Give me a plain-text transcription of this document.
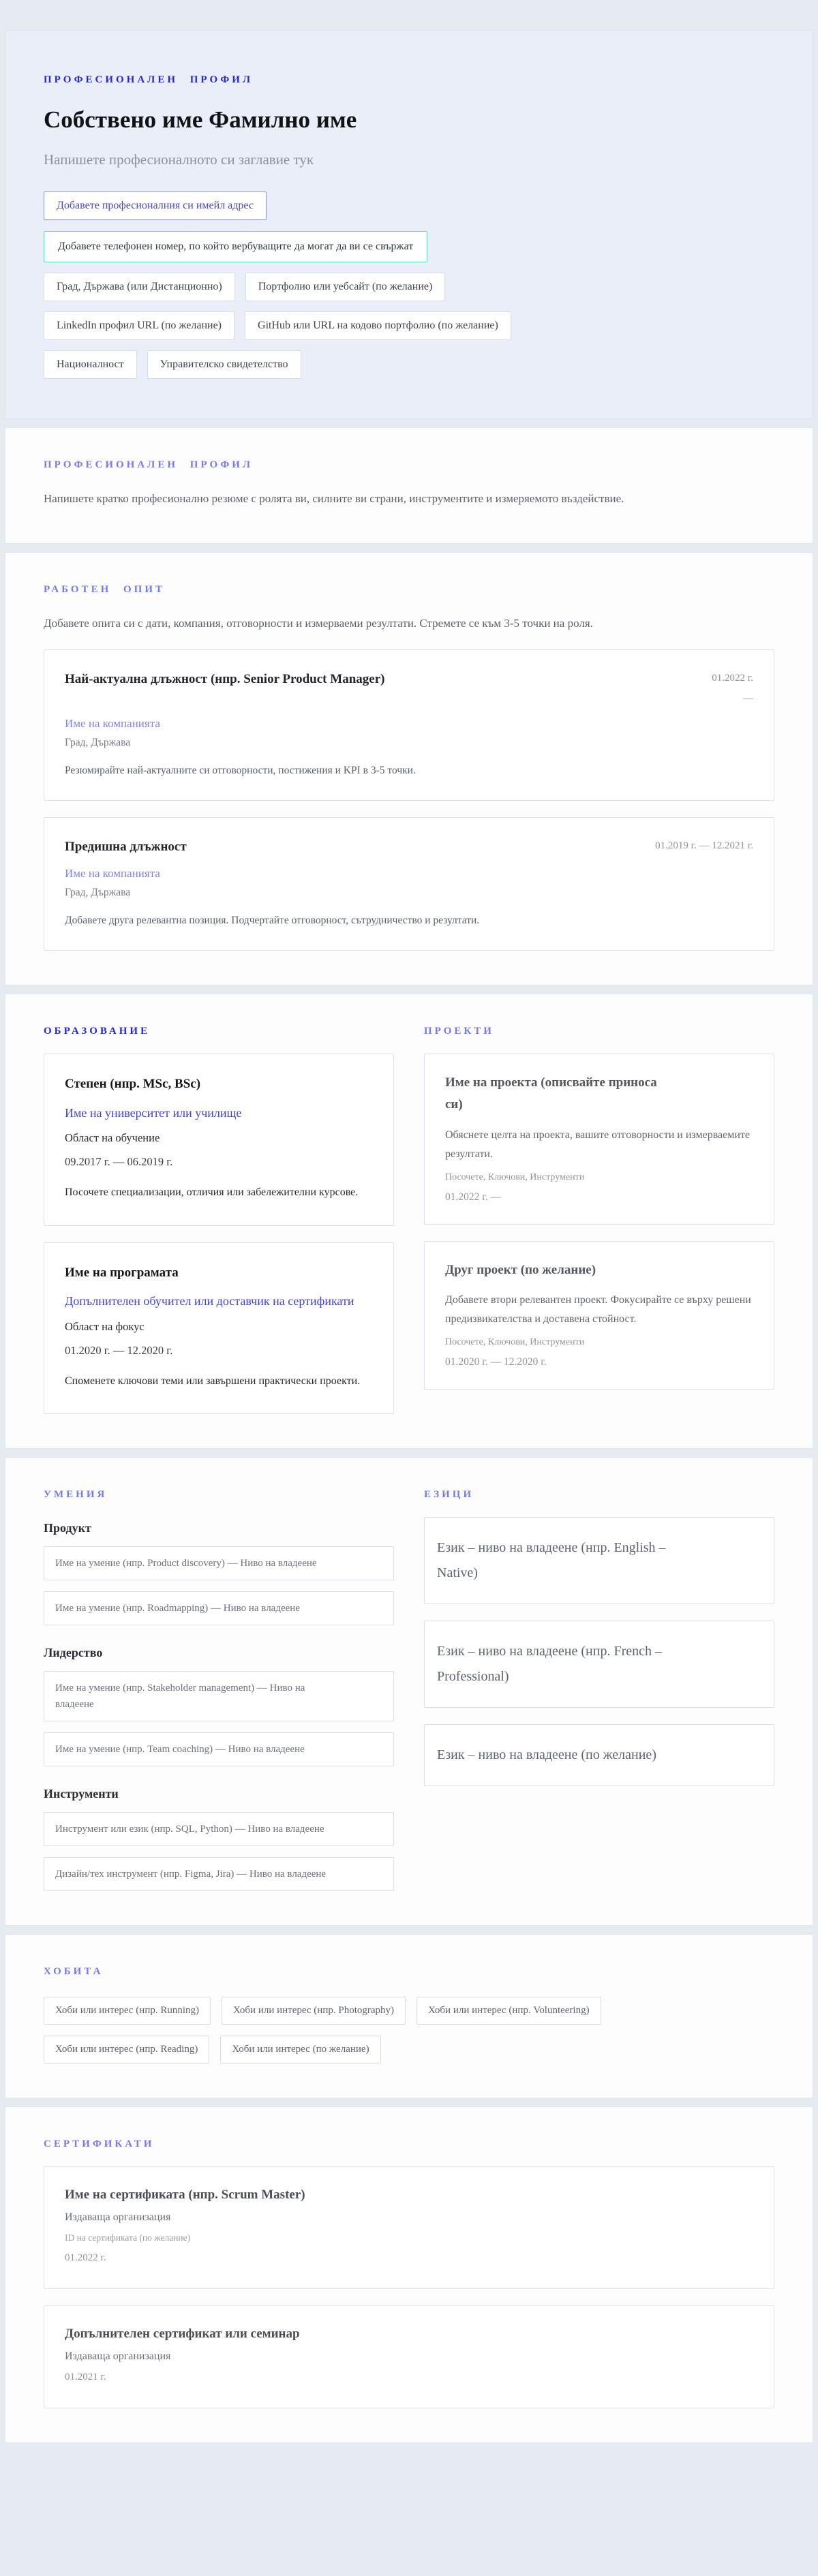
ПРОФЕСИОНАЛЕН ПРОФИЛ
Собствено име Фамилно име
Напишете професионалното си заглавие тук
Добавете професионалния си имейл адрес
Добавете телефонен номер, по който вербуващите да могат да ви се свържат
Град, Държава (или Дистанционно)	Портфолио или уебсайт (по желание)
LinkedIn профил URL (по желание)	GitHub или URL на кодово портфолио (по желание)
Националност	Управителско свидетелство
ПРОФЕСИОНАЛЕН ПРОФИЛ

Напишете кратко професионално резюме с ролята ви, силните ви страни, инструментите и измеряемото въздействие.

РАБОТЕН ОПИТ

Добавете опита си с дати, компания, отговорности и измерваеми резултати. Стремете се към 3-5 точки на роля.

Най-актуална длъжност (нпр. Senior Product Manager)	01.2022 г.
—
Име на компанията
Град, Държава
Резюмирайте най-актуалните си отговорности, постижения и KPI в 3-5 точки.
Предишна длъжност	01.2019 г. — 12.2021 г.
Име на компанията
Град, Държава
Добавете друга релевантна позиция. Подчертайте отговорност, сътрудничество и резултати.
ОБРАЗОВАНИЕ
Степен (нпр. MSc, BSc)
Име на университет или училище
Област на обучение
09.2017 г. — 06.2019 г.
Посочете специализации, отличия или забележителни курсове.
Име на програмата
Допълнителен обучител или доставчик на сертификати
Област на фокус
01.2020 г. — 12.2020 г.
Споменете ключови теми или завършени практически проекти.
ПРОЕКТИ
Име на проекта (описвайте приноса си)
Обяснете целта на проекта, вашите отговорности и измерваемите резултати.
Посочете, Ключови, Инструменти
01.2022 г. —
Друг проект (по желание)
Добавете втори релевантен проект. Фокусирайте се върху решени предизвикателства и доставена стойност.
Посочете, Ключови, Инструменти
01.2020 г. — 12.2020 г.
УМЕНИЯ
Продукт
Име на умение (нпр. Product discovery) — Ниво на владеене
Име на умение (нпр. Roadmapping) — Ниво на владеене
Лидерство
Име на умение (нпр. Stakeholder management) — Ниво на владеене
Име на умение (нпр. Team coaching) — Ниво на владеене
Инструменти
Инструмент или език (нпр. SQL, Python) — Ниво на владеене
Дизайн/тех инструмент (нпр. Figma, Jira) — Ниво на владеене
ЕЗИЦИ
Език – ниво на владеене (нпр. English – Native)
Език – ниво на владеене (нпр. French – Professional)
Език – ниво на владеене (по желание)
ХОБИТА
Хоби или интерес (нпр. Running)	Хоби или интерес (нпр. Photography)	Хоби или интерес (нпр. Volunteering)
Хоби или интерес (нпр. Reading)	Хоби или интерес (по желание)
СЕРТИФИКАТИ
Име на сертификата (нпр. Scrum Master)
Издаваща организация
ID на сертификата (по желание)
01.2022 г.
Допълнителен сертификат или семинар
Издаваща организация
01.2021 г.
